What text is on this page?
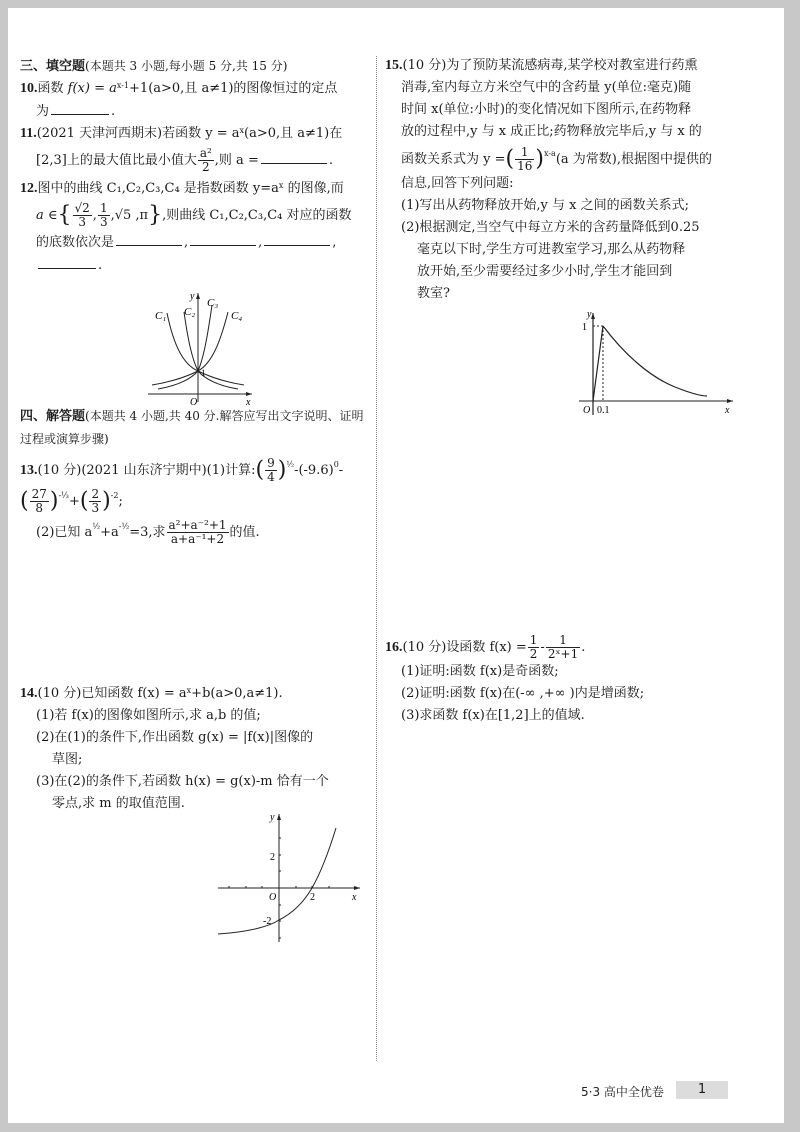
三、填空题(本题共 3 小题,每小题 5 分,共 15 分)
10.函数 $f(x) = a^{x-1}+1(a>0$,且 a≠1)的图像恒过的定点
为	.
11.(2021 天津河西期末)若函数 $y = a^x(a>0$,且 a≠1)在
[2,3]上的最大值比最小值大 $\frac{\text{a²}}{2}$ ,则 a =	.
12.图中的曲线 C₁,C₂,C₃,C₄ 是指数函数 $y=a^x$ 的图像,而
a ∈{ $\frac{√2}{3}$ , $\frac{1}{3} ,√5$ ,π},则曲线 C₁,C₂,C₃,C₄ 对应的函数
的底数依次是	,	,	,
.
C₁ C₂
C₃
C₄
y
x
O
1
四、解答题(本题共 4 小题,共 40 分.解答应写出文字说明、证明过程或演算步骤)
13.(10 分)(2021 山东济宁期中)(1)计算:( $\frac{9}{4} )^{\frac{1}{2}}-(-9.6)^0-$
( $\frac{27}{8} )^{-\frac{1}{3}}+( \frac{2}{3} )^{-2}$;
(2)已知 $a^{\frac{1}{2}}+a^{-\frac{1}{2}}=3$,求 $\frac{\text{a²+a⁻²+1}}{\text{a+a⁻¹+2}}$ 的值.
14.(10 分)已知函数 $f(x) = a^x+b(a>0,a\ne 1)$.
(1)若 f(x)的图像如图所示,求 a,b 的值;
(2)在(1)的条件下,作出函数 g(x) = |f(x)|图像的
草图;
(3)在(2)的条件下,若函数 h(x) = g(x)-m 恰有一个
零点,求 m 的取值范围.
y
x
O
2
-2
2
15.(10 分)为了预防某流感病毒,某学校对教室进行药熏
消毒,室内每立方米空气中的含药量 y(单位:毫克)随
时间 x(单位:小时)的变化情况如下图所示,在药物释
放的过程中,y 与 x 成正比;药物释放完毕后,y 与 x 的
函数关系式为 y =( $\frac{1}{16} )^{x-a}(a$ 为常数),根据图中提供的
信息,回答下列问题:
(1)写出从药物释放开始,y 与 x 之间的函数关系式;
(2)根据测定,当空气中每立方米的含药量降低到0.25
毫克以下时,学生方可进教室学习,那么从药物释
放开始,至少需要经过多少小时,学生才能回到
教室?
y
x
O
1
0.1
16.(10 分)设函数 $f(x) = \frac{1}{2} - \frac{1}{\text{2ˣ+1}}$ .
(1)证明:函数 f(x)是奇函数;
(2)证明:函数 f(x)在(-∞ ,+∞ )内是增函数;
(3)求函数 f(x)在[1,2]上的值域.
5·3 高中全优卷	1
